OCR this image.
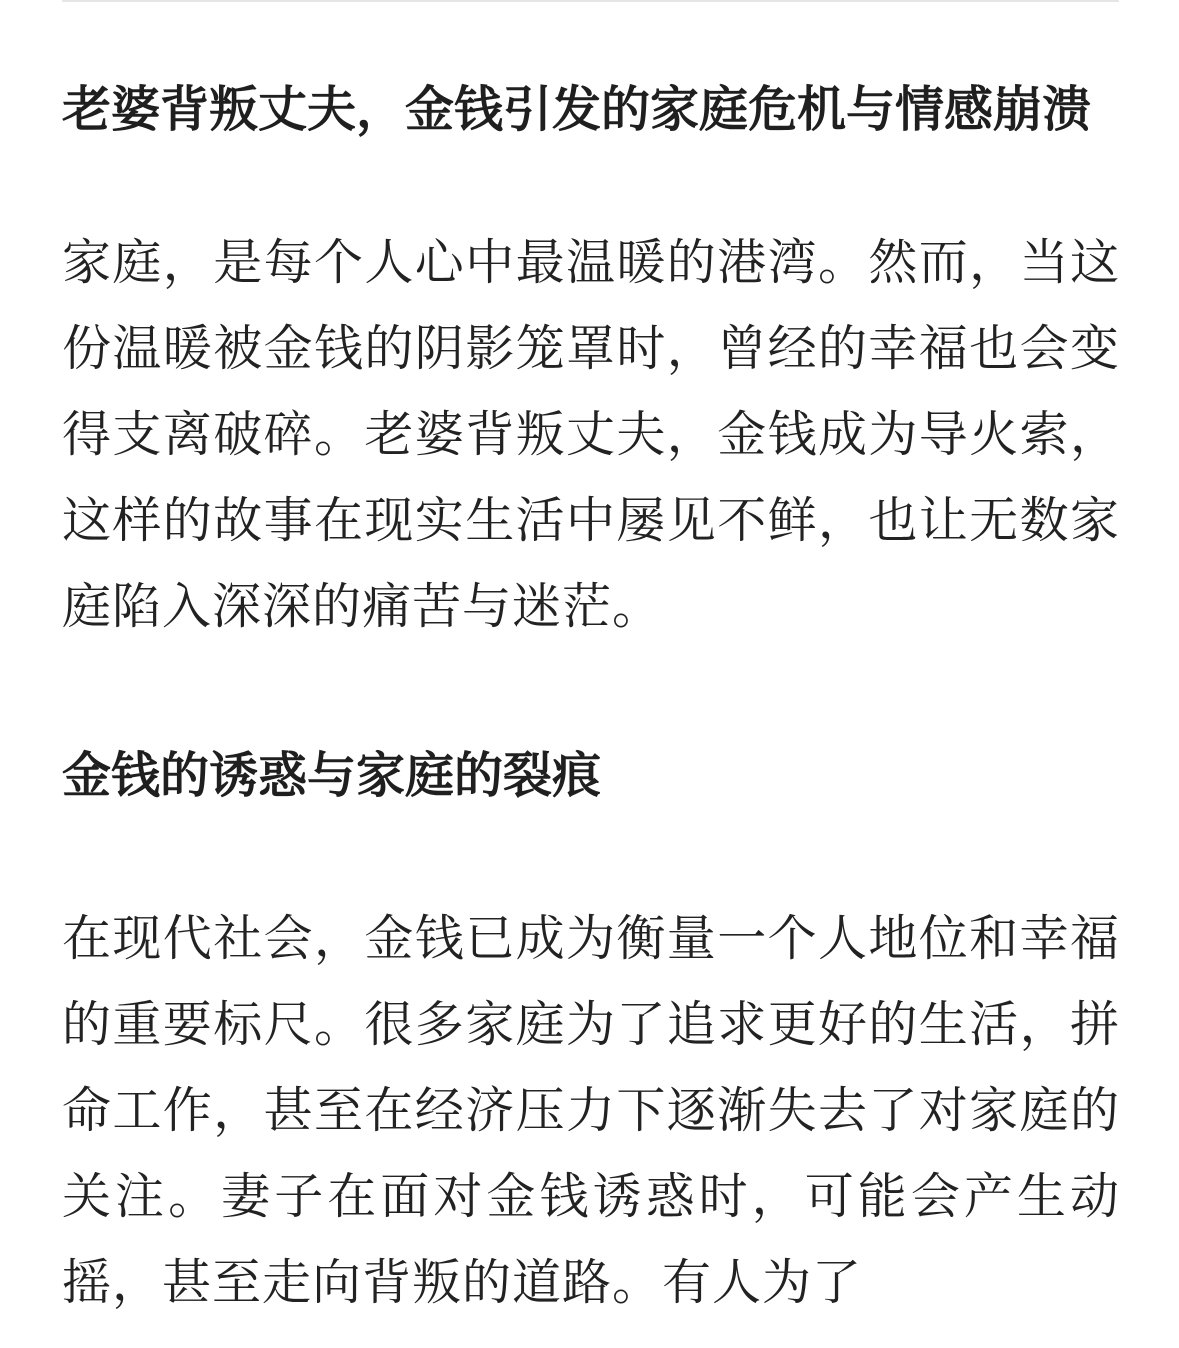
老婆背叛丈夫，金钱引发的家庭危机与情感崩溃

家庭，是每个人心中最温暖的港湾。然而，当这份温暖被金钱的阴影笼罩时，曾经的幸福也会变得支离破碎。老婆背叛丈夫，金钱成为导火索，这样的故事在现实生活中屡见不鲜，也让无数家庭陷入深深的痛苦与迷茫。

金钱的诱惑与家庭的裂痕

在现代社会，金钱已成为衡量一个人地位和幸福的重要标尺。很多家庭为了追求更好的生活，拼命工作，甚至在经济压力下逐渐失去了对家庭的关注。妻子在面对金钱诱惑时，可能会产生动摇，甚至走向背叛的道路。有人为了
